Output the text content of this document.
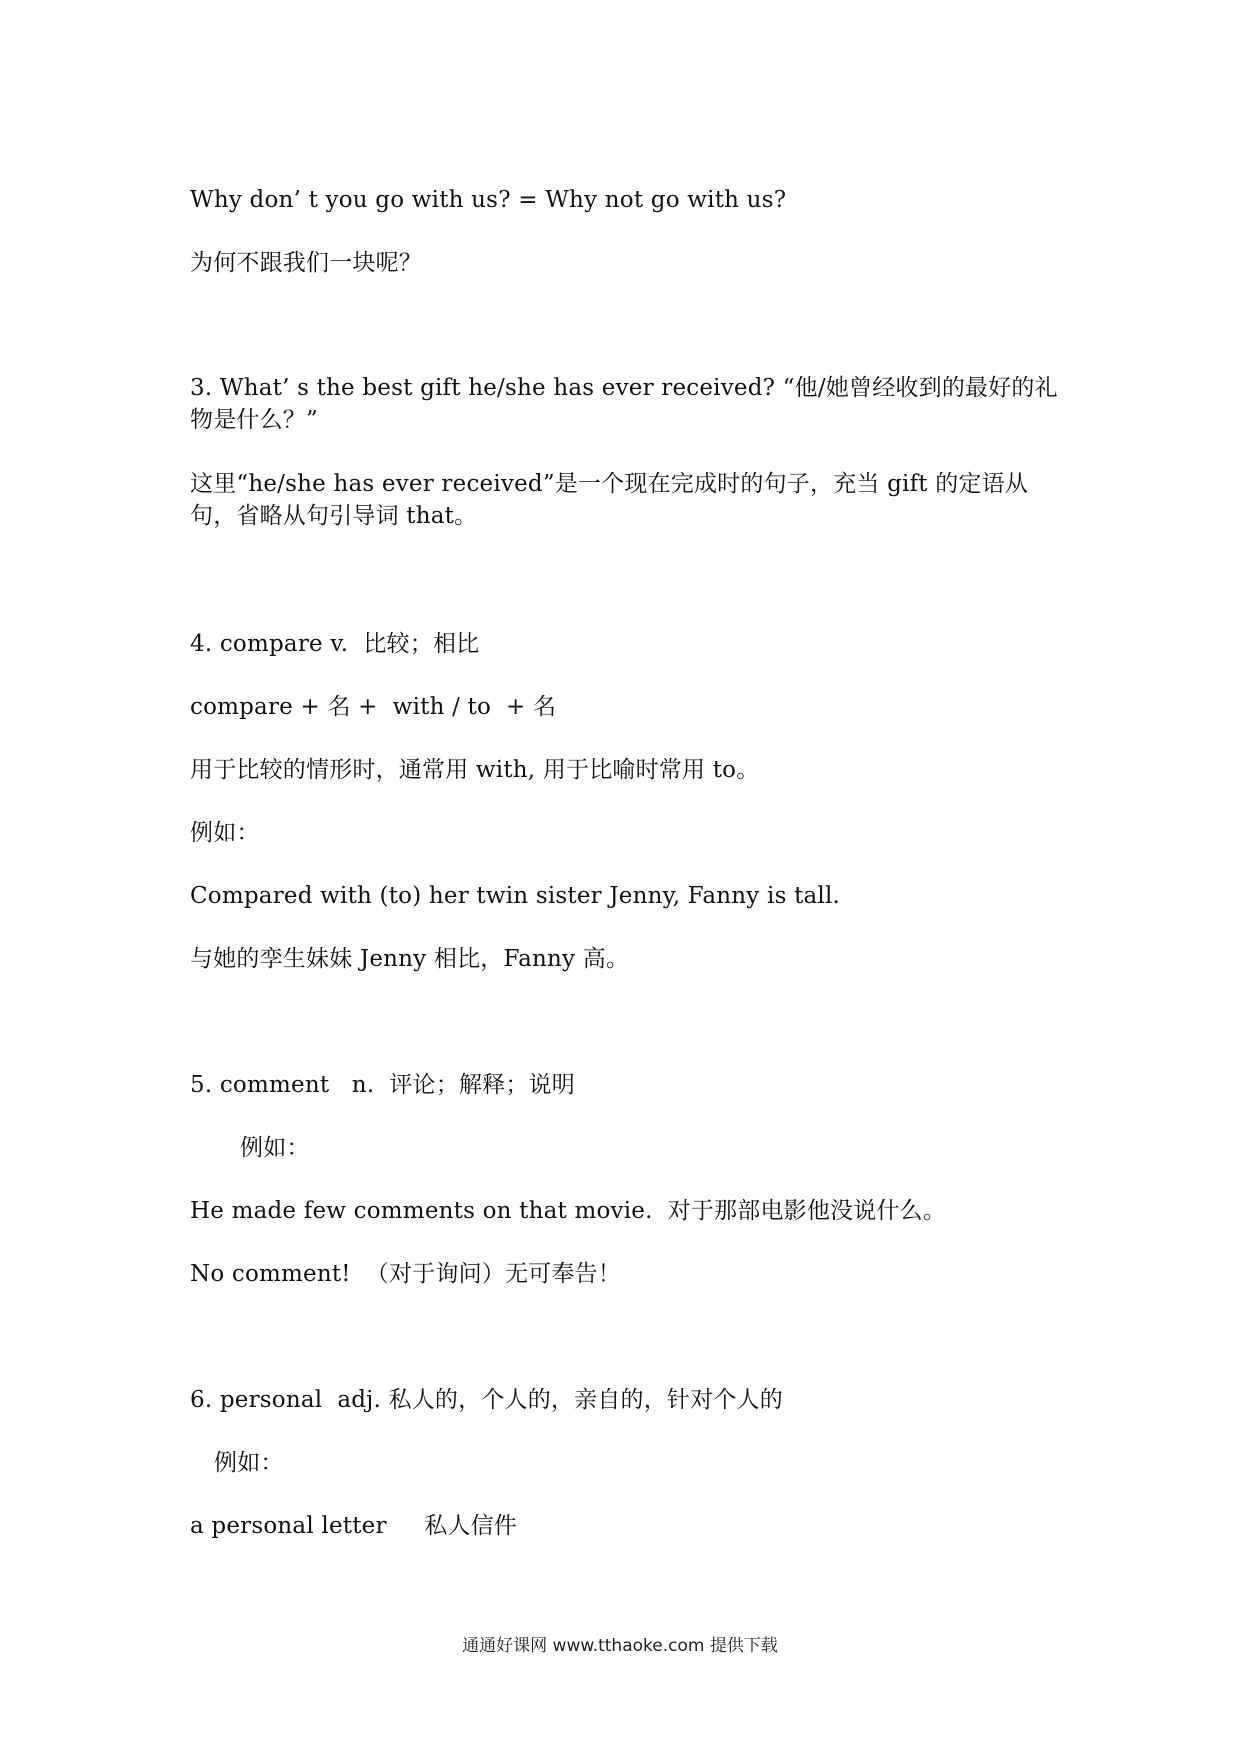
Why don’ t you go with us? = Why not go with us?
为何不跟我们一块呢？
3. What’ s the best gift he/she has ever received? “他/她曾经收到的最好的礼物是什么？”
这里“he/she has ever received”是一个现在完成时的句子，充当 gift 的定语从句，省略从句引导词 that。
4. compare v.  比较；相比
compare + 名 +  with / to  + 名
用于比较的情形时，通常用 with, 用于比喻时常用 to。
例如：
Compared with (to) her twin sister Jenny, Fanny is tall.
与她的孪生妹妹 Jenny 相比，Fanny 高。
5. comment   n.  评论；解释；说明
例如：
He made few comments on that movie.  对于那部电影他没说什么。
No comment!  （对于询问）无可奉告！
6. personal  adj. 私人的，个人的，亲自的，针对个人的
例如：
a personal letter     私人信件
通通好课网 www.tthaoke.com 提供下载
